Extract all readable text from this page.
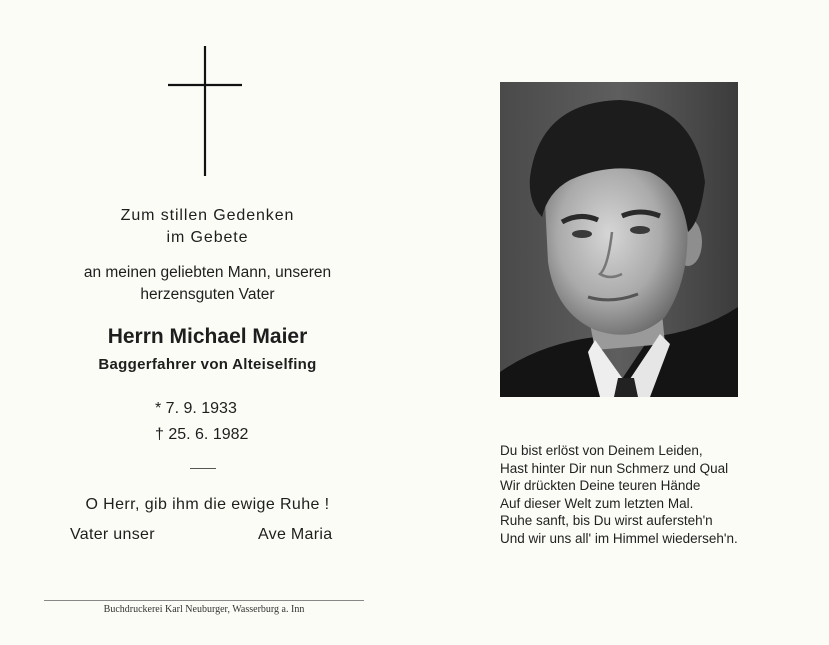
Zum stillen Gedenken
im Gebete
an meinen geliebten Mann, unseren
herzensguten Vater
Herrn Michael Maier
Baggerfahrer von Alteiselfing
* 7. 9. 1933
† 25. 6. 1982
O Herr, gib ihm die ewige Ruhe !
Vater unser	Ave Maria
Buchdruckerei Karl Neuburger, Wasserburg a. Inn
Du bist erlöst von Deinem Leiden,
Hast hinter Dir nun Schmerz und Qual
Wir drückten Deine teuren Hände
Auf dieser Welt zum letzten Mal.
Ruhe sanft, bis Du wirst aufersteh'n
Und wir uns all' im Himmel wiederseh'n.
